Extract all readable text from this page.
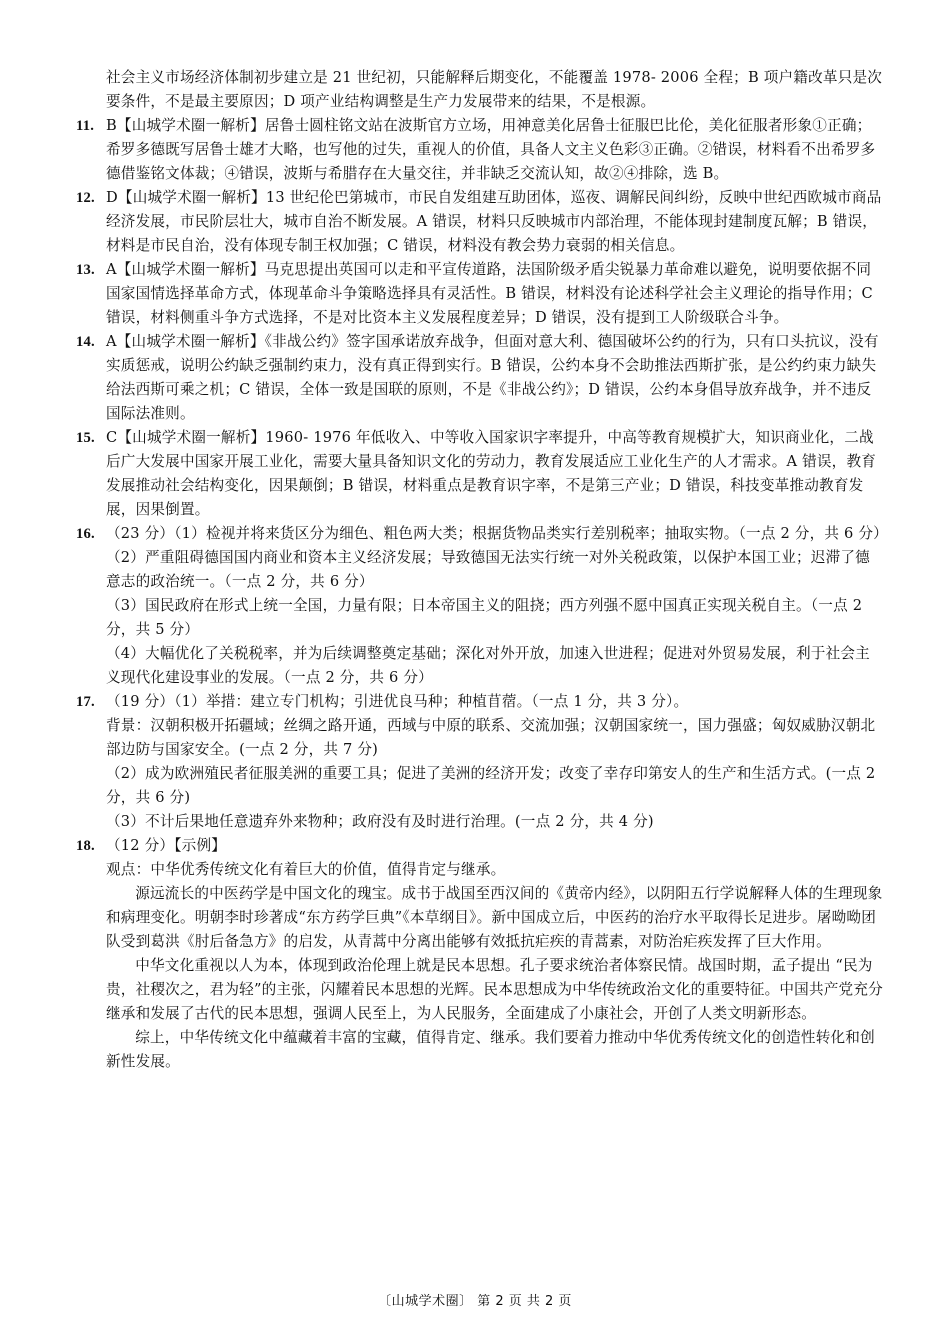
社会主义市场经济体制初步建立是 21 世纪初，只能解释后期变化，不能覆盖 1978- 2006 全程；B 项户籍改革只是次要条件，不是最主要原因；D 项产业结构调整是生产力发展带来的结果，不是根源。

11. B【山城学术圈一解析】居鲁士圆柱铭文站在波斯官方立场，用神意美化居鲁士征服巴比伦，美化征服者形象①正确；希罗多德既写居鲁士雄才大略，也写他的过失，重视人的价值，具备人文主义色彩③正确。②错误，材料看不出希罗多德借鉴铭文体裁；④错误，波斯与希腊存在大量交往，并非缺乏交流认知，故②④排除，选 B。
12. D【山城学术圈一解析】13 世纪伦巴第城市，市民自发组建互助团体，巡夜、调解民间纠纷，反映中世纪西欧城市商品经济发展，市民阶层壮大，城市自治不断发展。A 错误，材料只反映城市内部治理，不能体现封建制度瓦解；B 错误，材料是市民自治，没有体现专制王权加强；C 错误，材料没有教会势力衰弱的相关信息。
13. A【山城学术圈一解析】马克思提出英国可以走和平宣传道路，法国阶级矛盾尖锐暴力革命难以避免，说明要依据不同国家国情选择革命方式，体现革命斗争策略选择具有灵活性。B 错误，材料没有论述科学社会主义理论的指导作用；C 错误，材料侧重斗争方式选择，不是对比资本主义发展程度差异；D 错误，没有提到工人阶级联合斗争。
14. A【山城学术圈一解析】《非战公约》签字国承诺放弃战争，但面对意大利、德国破坏公约的行为，只有口头抗议，没有实质惩戒，说明公约缺乏强制约束力，没有真正得到实行。B 错误，公约本身不会助推法西斯扩张，是公约约束力缺失给法西斯可乘之机；C 错误，全体一致是国联的原则，不是《非战公约》；D 错误，公约本身倡导放弃战争，并不违反国际法准则。
15. C【山城学术圈一解析】1960- 1976 年低收入、中等收入国家识字率提升，中高等教育规模扩大，知识商业化，二战后广大发展中国家开展工业化，需要大量具备知识文化的劳动力，教育发展适应工业化生产的人才需求。A 错误，教育发展推动社会结构变化，因果颠倒；B 错误，材料重点是教育识字率，不是第三产业；D 错误，科技变革推动教育发展，因果倒置。
16. （23 分）（1）检视并将来货区分为细色、粗色两大类；根据货物品类实行差别税率；抽取实物。（一点 2 分，共 6 分）

（2）严重阻碍德国国内商业和资本主义经济发展；导致德国无法实行统一对外关税政策，以保护本国工业；迟滞了德意志的政治统一。（一点 2 分，共 6 分）

（3）国民政府在形式上统一全国，力量有限；日本帝国主义的阻挠；西方列强不愿中国真正实现关税自主。（一点 2 分，共 5 分）

（4）大幅优化了关税税率，并为后续调整奠定基础；深化对外开放，加速入世进程；促进对外贸易发展，利于社会主义现代化建设事业的发展。（一点 2 分，共 6 分）

17. （19 分）（1）举措：建立专门机构；引进优良马种；种植苜蓿。（一点 1 分，共 3 分）。

背景：汉朝积极开拓疆域；丝绸之路开通，西域与中原的联系、交流加强；汉朝国家统一，国力强盛；匈奴威胁汉朝北部边防与国家安全。(一点 2 分，共 7 分)

（2）成为欧洲殖民者征服美洲的重要工具；促进了美洲的经济开发；改变了幸存印第安人的生产和生活方式。(一点 2 分，共 6 分)

（3）不计后果地任意遗弃外来物种；政府没有及时进行治理。(一点 2 分，共 4 分)

18. （12 分）【示例】

观点：中华优秀传统文化有着巨大的价值，值得肯定与继承。

源远流长的中医药学是中国文化的瑰宝。成书于战国至西汉间的《黄帝内经》，以阴阳五行学说解释人体的生理现象和病理变化。明朝李时珍著成“东方药学巨典”《本草纲目》。新中国成立后，中医药的治疗水平取得长足进步。屠呦呦团队受到葛洪《肘后备急方》的启发，从青蒿中分离出能够有效抵抗疟疾的青蒿素，对防治疟疾发挥了巨大作用。

中华文化重视以人为本，体现到政治伦理上就是民本思想。孔子要求统治者体察民情。战国时期，孟子提出 “民为贵，社稷次之，君为轻”的主张，闪耀着民本思想的光辉。民本思想成为中华传统政治文化的重要特征。中国共产党充分继承和发展了古代的民本思想，强调人民至上，为人民服务，全面建成了小康社会，开创了人类文明新形态。

综上，中华传统文化中蕴藏着丰富的宝藏，值得肯定、继承。我们要着力推动中华优秀传统文化的创造性转化和创新性发展。

〔山城学术圈〕 第 2 页 共 2 页
